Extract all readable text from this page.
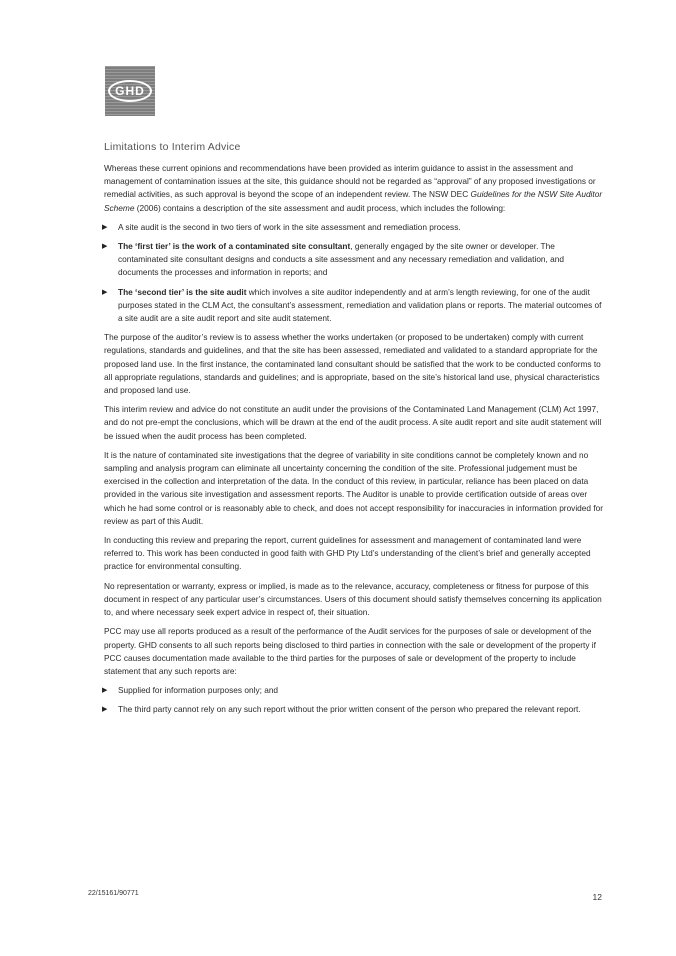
GHD
Limitations to Interim Advice

Whereas these current opinions and recommendations have been provided as interim guidance to assist in the assessment and management of contamination issues at the site, this guidance should not be regarded as “approval” of any proposed investigations or remedial activities, as such approval is beyond the scope of an independent review. The NSW DEC Guidelines for the NSW Site Auditor Scheme (2006) contains a description of the site assessment and audit process, which includes the following:

▶ A site audit is the second in two tiers of work in the site assessment and remediation process.
▶ The ‘first tier’ is the work of a contaminated site consultant, generally engaged by the site owner or developer. The contaminated site consultant designs and conducts a site assessment and any necessary remediation and validation, and documents the processes and information in reports; and
▶ The ‘second tier’ is the site audit which involves a site auditor independently and at arm’s length reviewing, for one of the audit purposes stated in the CLM Act, the consultant’s assessment, remediation and validation plans or reports. The material outcomes of a site audit are a site audit report and site audit statement.

The purpose of the auditor’s review is to assess whether the works undertaken (or proposed to be undertaken) comply with current regulations, standards and guidelines, and that the site has been assessed, remediated and validated to a standard appropriate for the proposed land use. In the first instance, the contaminated land consultant should be satisfied that the work to be conducted conforms to all appropriate regulations, standards and guidelines; and is appropriate, based on the site’s historical land use, physical characteristics and proposed land use.

This interim review and advice do not constitute an audit under the provisions of the Contaminated Land Management (CLM) Act 1997, and do not pre-empt the conclusions, which will be drawn at the end of the audit process. A site audit report and site audit statement will be issued when the audit process has been completed.

It is the nature of contaminated site investigations that the degree of variability in site conditions cannot be completely known and no sampling and analysis program can eliminate all uncertainty concerning the condition of the site. Professional judgement must be exercised in the collection and interpretation of the data. In the conduct of this review, in particular, reliance has been placed on data provided in the various site investigation and assessment reports. The Auditor is unable to provide certification outside of areas over which he had some control or is reasonably able to check, and does not accept responsibility for inaccuracies in information provided for review as part of this Audit.

In conducting this review and preparing the report, current guidelines for assessment and management of contaminated land were referred to. This work has been conducted in good faith with GHD Pty Ltd’s understanding of the client’s brief and generally accepted practice for environmental consulting.

No representation or warranty, express or implied, is made as to the relevance, accuracy, completeness or fitness for purpose of this document in respect of any particular user’s circumstances. Users of this document should satisfy themselves concerning its application to, and where necessary seek expert advice in respect of, their situation.

PCC may use all reports produced as a result of the performance of the Audit services for the purposes of sale or development of the property. GHD consents to all such reports being disclosed to third parties in connection with the sale or development of the property if PCC causes documentation made available to the third parties for the purposes of sale or development of the property to include statement that any such reports are:

▶ Supplied for information purposes only; and
▶ The third party cannot rely on any such report without the prior written consent of the person who prepared the relevant report.
22/15161/90771	12
